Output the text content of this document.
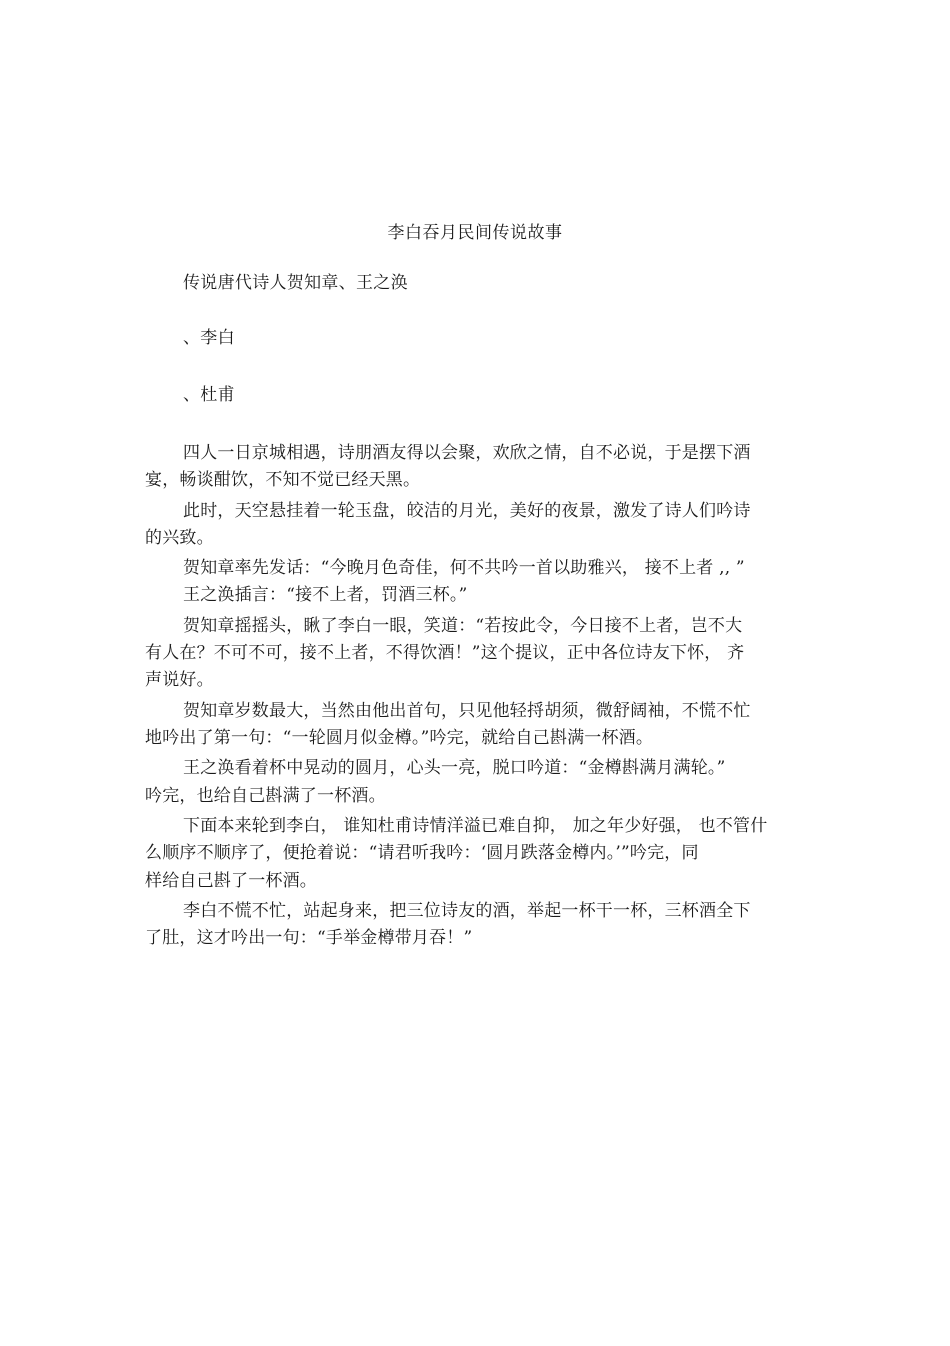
李白吞月民间传说故事
传说唐代诗人贺知章、王之涣
、李白
、杜甫
四人一日京城相遇，诗朋酒友得以会聚，欢欣之情，自不必说，于是摆下酒
宴，畅谈酣饮，不知不觉已经天黑。
此时，天空悬挂着一轮玉盘，皎洁的月光，美好的夜景，激发了诗人们吟诗
的兴致。
贺知章率先发话：“今晚月色奇佳，何不共吟一首以助雅兴， 接不上者 ,, ”
王之涣插言：“接不上者，罚酒三杯。”
贺知章摇摇头，瞅了李白一眼，笑道：“若按此令，今日接不上者，岂不大
有人在？不可不可，接不上者，不得饮酒！”这个提议，正中各位诗友下怀， 齐
声说好。
贺知章岁数最大，当然由他出首句，只见他轻捋胡须，微舒阔袖，不慌不忙
地吟出了第一句：“一轮圆月似金樽。”吟完，就给自己斟满一杯酒。
王之涣看着杯中晃动的圆月，心头一亮，脱口吟道：“金樽斟满月满轮。”
吟完，也给自己斟满了一杯酒。
下面本来轮到李白， 谁知杜甫诗情洋溢已难自抑， 加之年少好强， 也不管什
么顺序不顺序了，便抢着说：“请君听我吟：‘圆月跌落金樽内。’”吟完，同
样给自己斟了一杯酒。
李白不慌不忙，站起身来，把三位诗友的酒，举起一杯干一杯，三杯酒全下
了肚，这才吟出一句：“手举金樽带月吞！”
